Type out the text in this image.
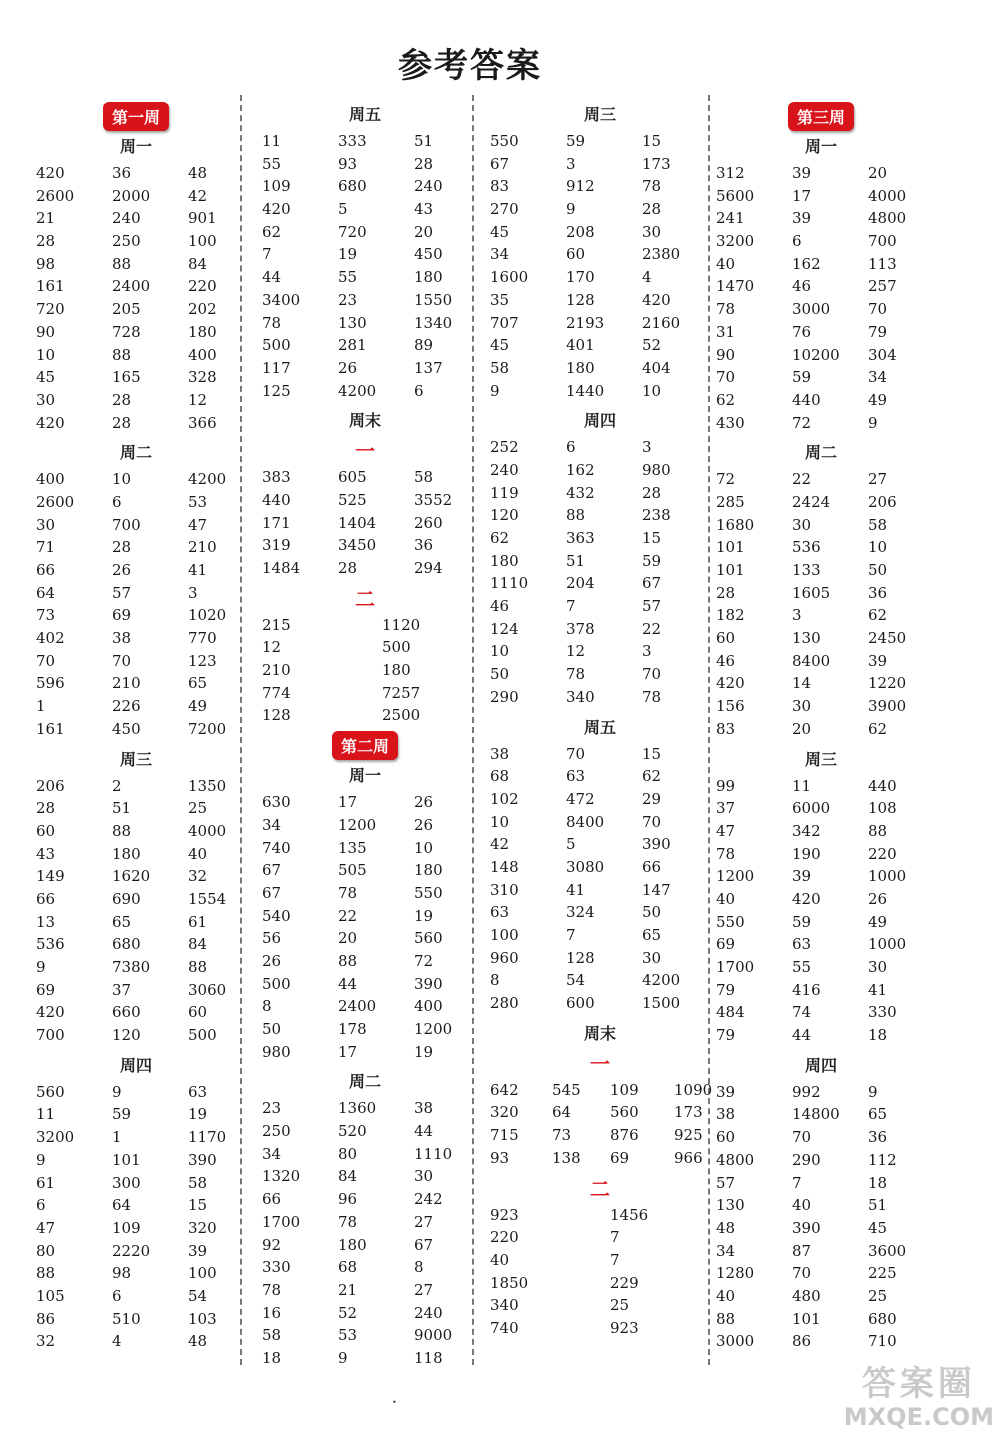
参考答案
第一周
周一
420	36	48
2600	2000	42
21	240	901
28	250	100
98	88	84
161	2400	220
720	205	202
90	728	180
10	88	400
45	165	328
30	28	12
420	28	366
周二
400	10	4200
2600	6	53
30	700	47
71	28	210
66	26	41
64	57	3
73	69	1020
402	38	770
70	70	123
596	210	65
1	226	49
161	450	7200
周三
206	2	1350
28	51	25
60	88	4000
43	180	40
149	1620	32
66	690	1554
13	65	61
536	680	84
9	7380	88
69	37	3060
420	660	60
700	120	500
周四
560	9	63
11	59	19
3200	1	1170
9	101	390
61	300	58
6	64	15
47	109	320
80	2220	39
88	98	100
105	6	54
86	510	103
32	4	48
周五
11	333	51
55	93	28
109	680	240
420	5	43
62	720	20
7	19	450
44	55	180
3400	23	1550
78	130	1340
500	281	89
117	26	137
125	4200	6
周末
一
383	605	58
440	525	3552
171	1404	260
319	3450	36
1484	28	294
二
215	1120
12	500
210	180
774	7257
128	2500
第二周
周一
630	17	26
34	1200	26
740	135	10
67	505	180
67	78	550
540	22	19
56	20	560
26	88	72
500	44	390
8	2400	400
50	178	1200
980	17	19
周二
23	1360	38
250	520	44
34	80	1110
1320	84	30
66	96	242
1700	78	27
92	180	67
330	68	8
78	21	27
16	52	240
58	53	9000
18	9	118
周三
550	59	15
67	3	173
83	912	78
270	9	28
45	208	30
34	60	2380
1600	170	4
35	128	420
707	2193	2160
45	401	52
58	180	404
9	1440	10
周四
252	6	3
240	162	980
119	432	28
120	88	238
62	363	15
180	51	59
1110	204	67
46	7	57
124	378	22
10	12	3
50	78	70
290	340	78
周五
38	70	15
68	63	62
102	472	29
10	8400	70
42	5	390
148	3080	66
310	41	147
63	324	50
100	7	65
960	128	30
8	54	4200
280	600	1500
周末
一
642	545	109	1090
320	64	560	173
715	73	876	925
93	138	69	966
二
923	1456
220	7
40	7
1850	229
340	25
740	923
第三周
周一
312	39	20
5600	17	4000
241	39	4800
3200	6	700
40	162	113
1470	46	257
78	3000	70
31	76	79
90	10200	304
70	59	34
62	440	49
430	72	9
周二
72	22	27
285	2424	206
1680	30	58
101	536	10
101	133	50
28	1605	36
182	3	62
60	130	2450
46	8400	39
420	14	1220
156	30	3900
83	20	62
周三
99	11	440
37	6000	108
47	342	88
78	190	220
1200	39	1000
40	420	26
550	59	49
69	63	1000
1700	55	30
79	416	41
484	74	330
79	44	18
周四
39	992	9
38	14800	65
60	70	36
4800	290	112
57	7	18
130	40	51
48	390	45
34	87	3600
1280	70	225
40	480	25
88	101	680
3000	86	710
答案圈
MXQE.COM
•
